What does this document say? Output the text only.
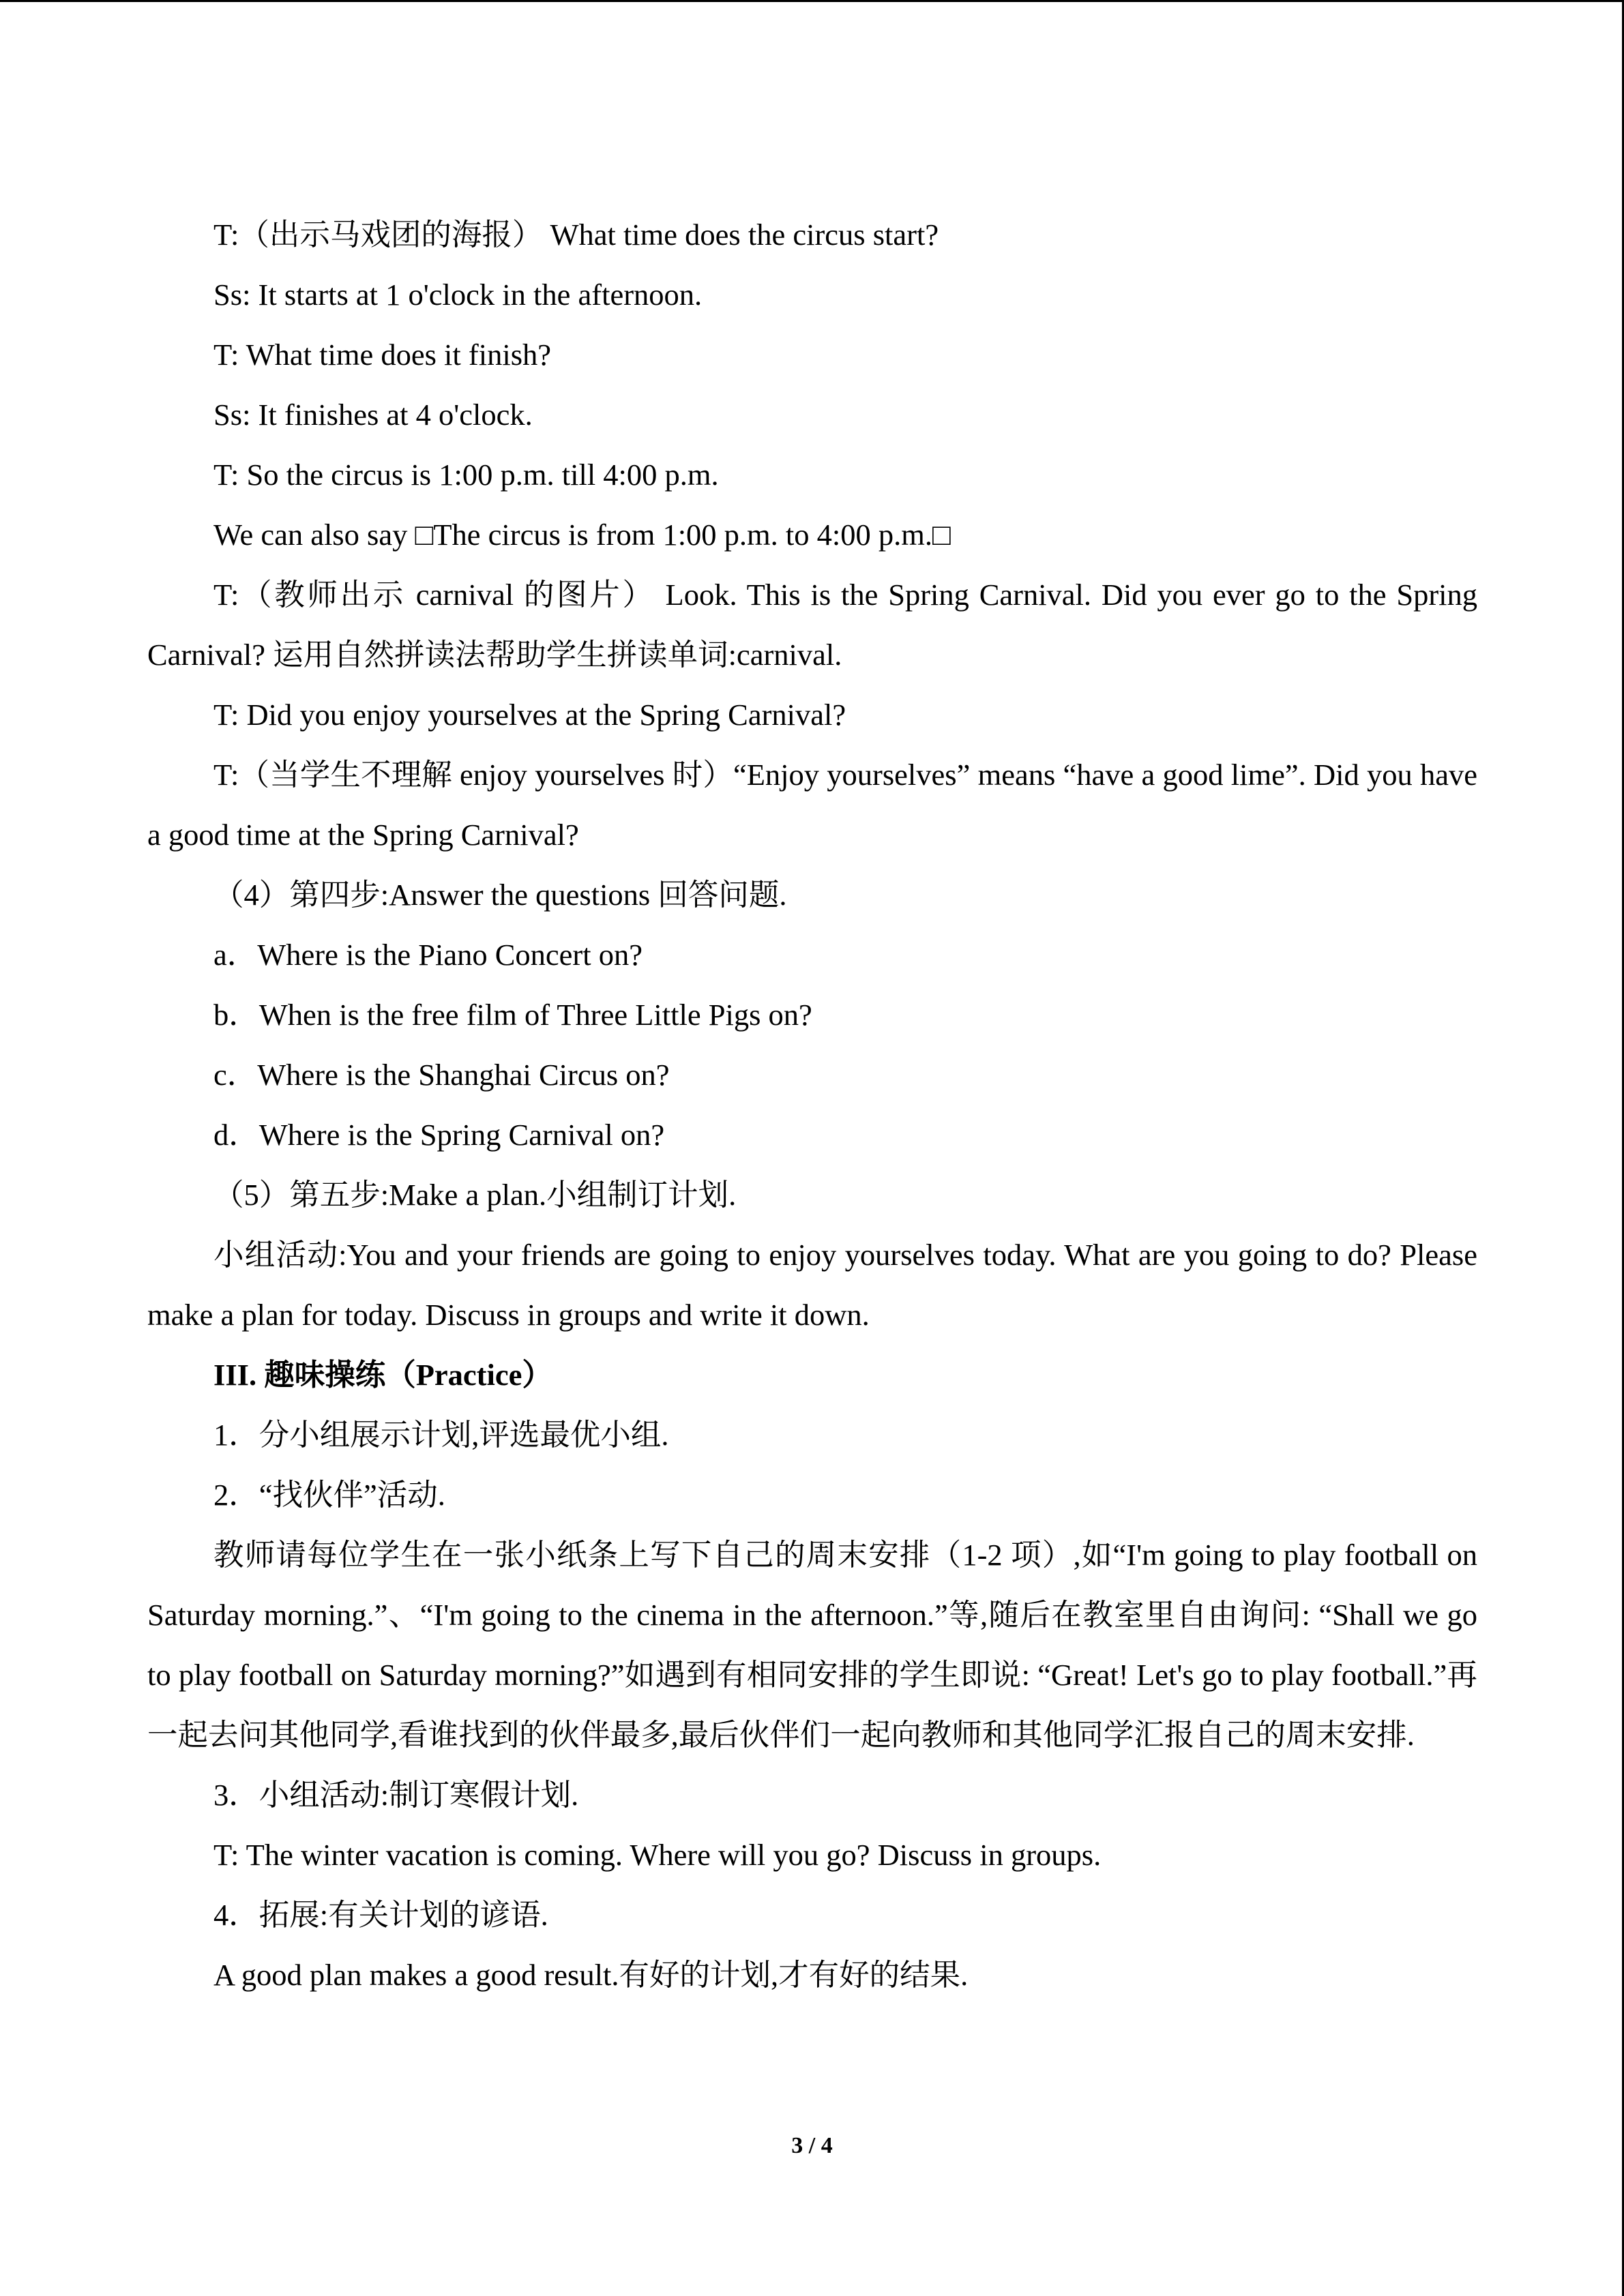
T:（出示马戏团的海报） What time does the circus start?

Ss: It starts at 1 o'clock in the afternoon.

T: What time does it finish?

Ss: It finishes at 4 o'clock.

T: So the circus is 1:00 p.m. till 4:00 p.m.

We can also say □The circus is from 1:00 p.m. to 4:00 p.m.□

T:（教师出示 carnival 的图片） Look. This is the Spring Carnival. Did you ever go to the Spring Carnival? 运用自然拼读法帮助学生拼读单词:carnival.

T: Did you enjoy yourselves at the Spring Carnival?

T:（当学生不理解 enjoy yourselves 时）“Enjoy yourselves” means “have a good lime”. Did you have a good time at the Spring Carnival?

（4）第四步:Answer the questions 回答问题.

a．Where is the Piano Concert on?

b．When is the free film of Three Little Pigs on?

c．Where is the Shanghai Circus on?

d．Where is the Spring Carnival on?

（5）第五步:Make a plan.小组制订计划.

小组活动:You and your friends are going to enjoy yourselves today. What are you going to do? Please make a plan for today. Discuss in groups and write it down.

III. 趣味操练（Practice）

1．分小组展示计划,评选最优小组.

2．“找伙伴”活动.

教师请每位学生在一张小纸条上写下自己的周末安排（1-2 项）,如“I'm going to play football on Saturday morning.”、“I'm going to the cinema in the afternoon.”等,随后在教室里自由询问: “Shall we go to play football on Saturday morning?”如遇到有相同安排的学生即说: “Great! Let's go to play football.”再一起去问其他同学,看谁找到的伙伴最多,最后伙伴们一起向教师和其他同学汇报自己的周末安排.

3．小组活动:制订寒假计划.

T: The winter vacation is coming. Where will you go? Discuss in groups.

4．拓展:有关计划的谚语.

A good plan makes a good result.有好的计划,才有好的结果.

3 / 4
